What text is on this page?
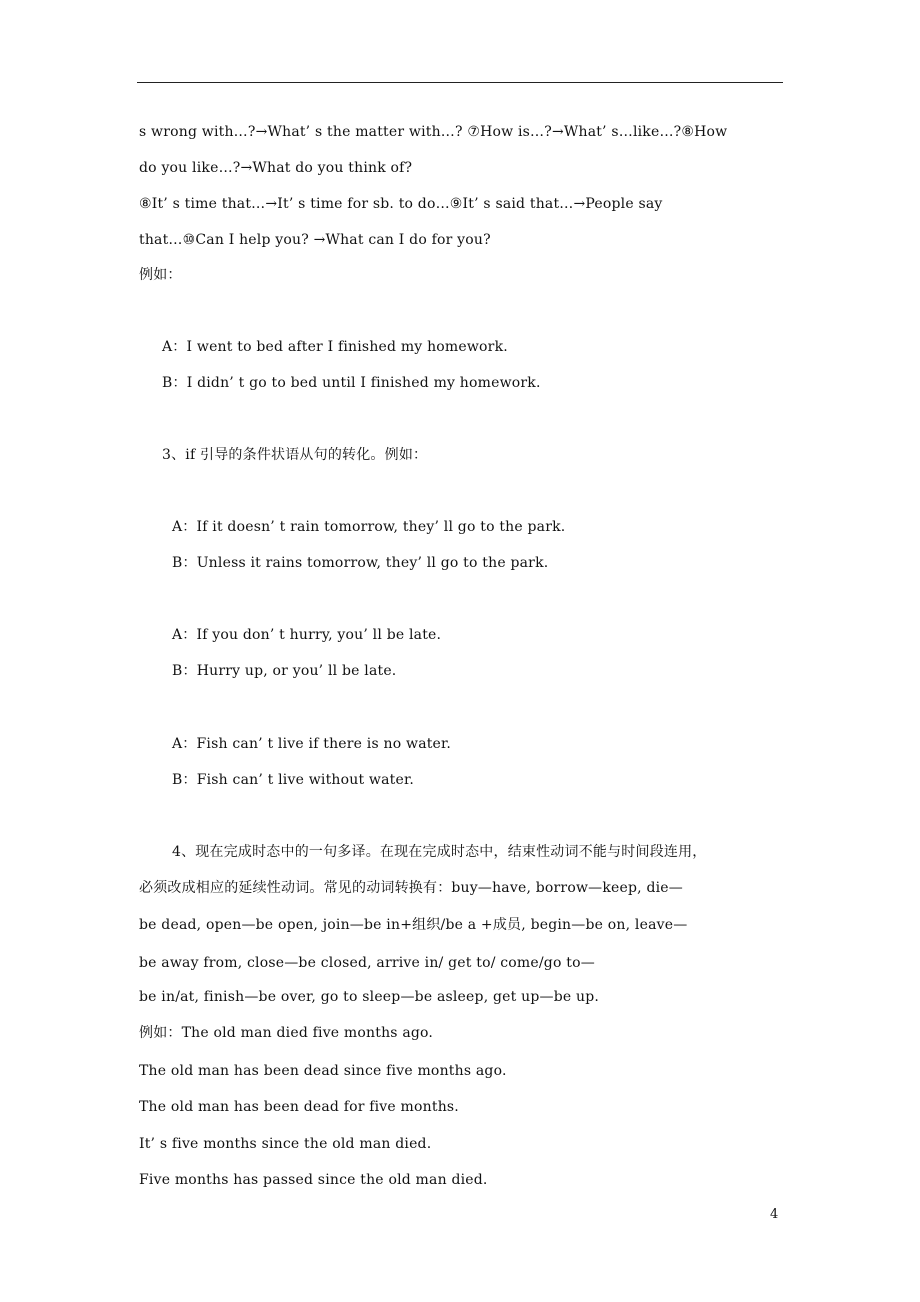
s wrong with…?→What’ s the matter with…? ⑦How is…?→What’ s…like…?⑧How
do you like…?→What do you think of?
⑧It’ s time that…→It’ s time for sb. to do…⑨It’ s said that…→People say
that…⑩Can I help you? →What can I do for you?
例如：
A：I went to bed after I finished my homework.
B：I didn’ t go to bed until I finished my homework.
3、if 引导的条件状语从句的转化。例如：
A：If it doesn’ t rain tomorrow, they’ ll go to the park.
B：Unless it rains tomorrow, they’ ll go to the park.
A：If you don’ t hurry, you’ ll be late.
B：Hurry up, or you’ ll be late.
A：Fish can’ t live if there is no water.
B：Fish can’ t live without water.
4、现在完成时态中的一句多译。在现在完成时态中，结束性动词不能与时间段连用，
必须改成相应的延续性动词。常见的动词转换有：buy—have, borrow—keep, die—
be dead, open—be open, join—be in+组织/be a +成员, begin—be on, leave—
be away from, close—be closed, arrive in/ get to/ come/go to—
be in/at, finish—be over, go to sleep—be asleep, get up—be up.
例如：The old man died five months ago.
The old man has been dead since five months ago.
The old man has been dead for five months.
It’ s five months since the old man died.
Five months has passed since the old man died.
4
